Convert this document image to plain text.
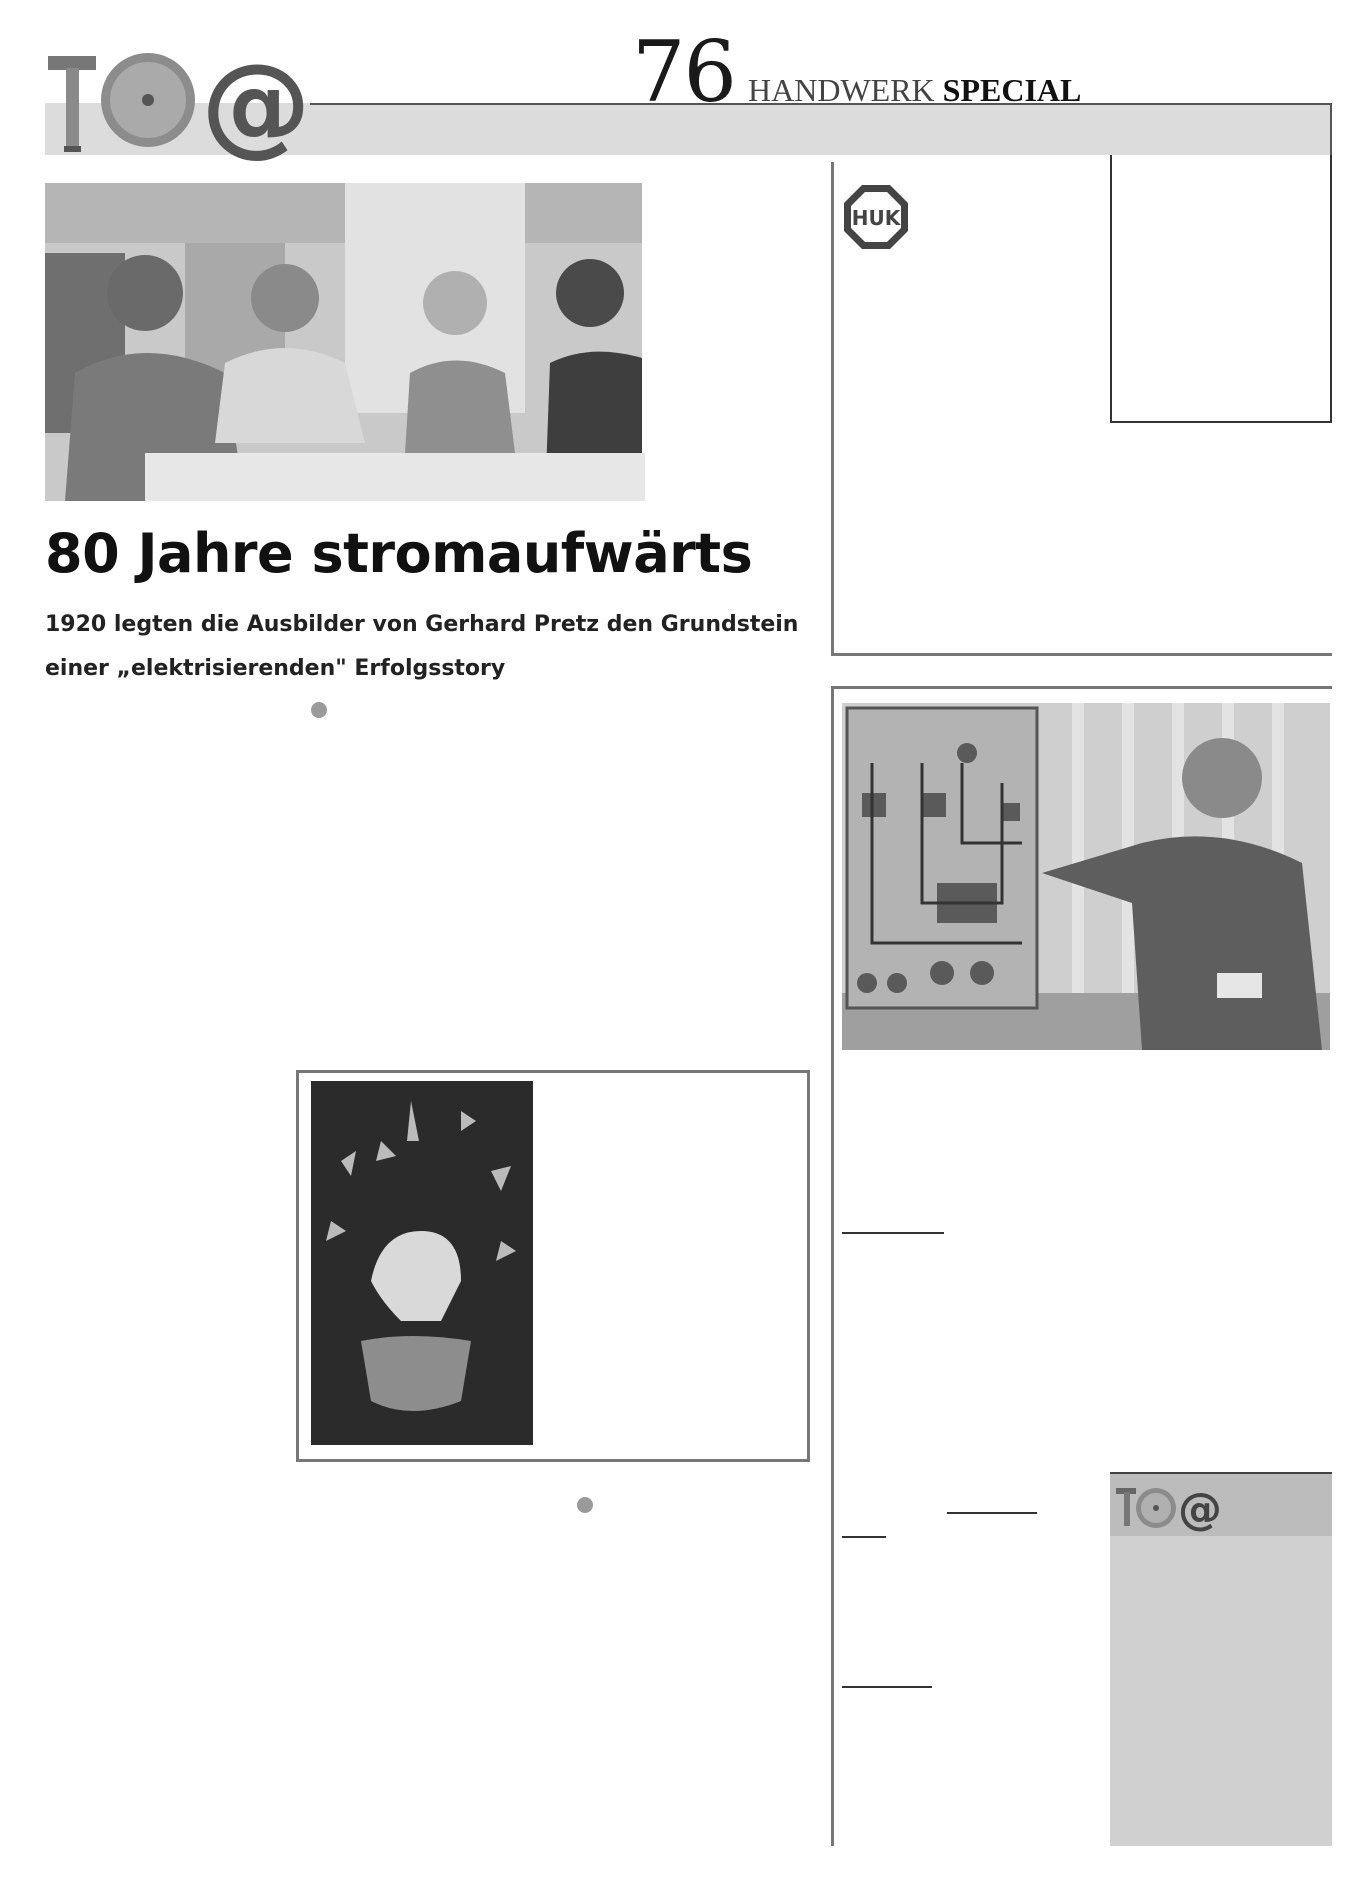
@	76 HANDWERK SPECIAL
80 Jahre stromaufwärts
1920 legten die Ausbilder von Gerhard Pretz den Grundstein
einer „elektrisierenden" Erfolgsstory
HUK
@
